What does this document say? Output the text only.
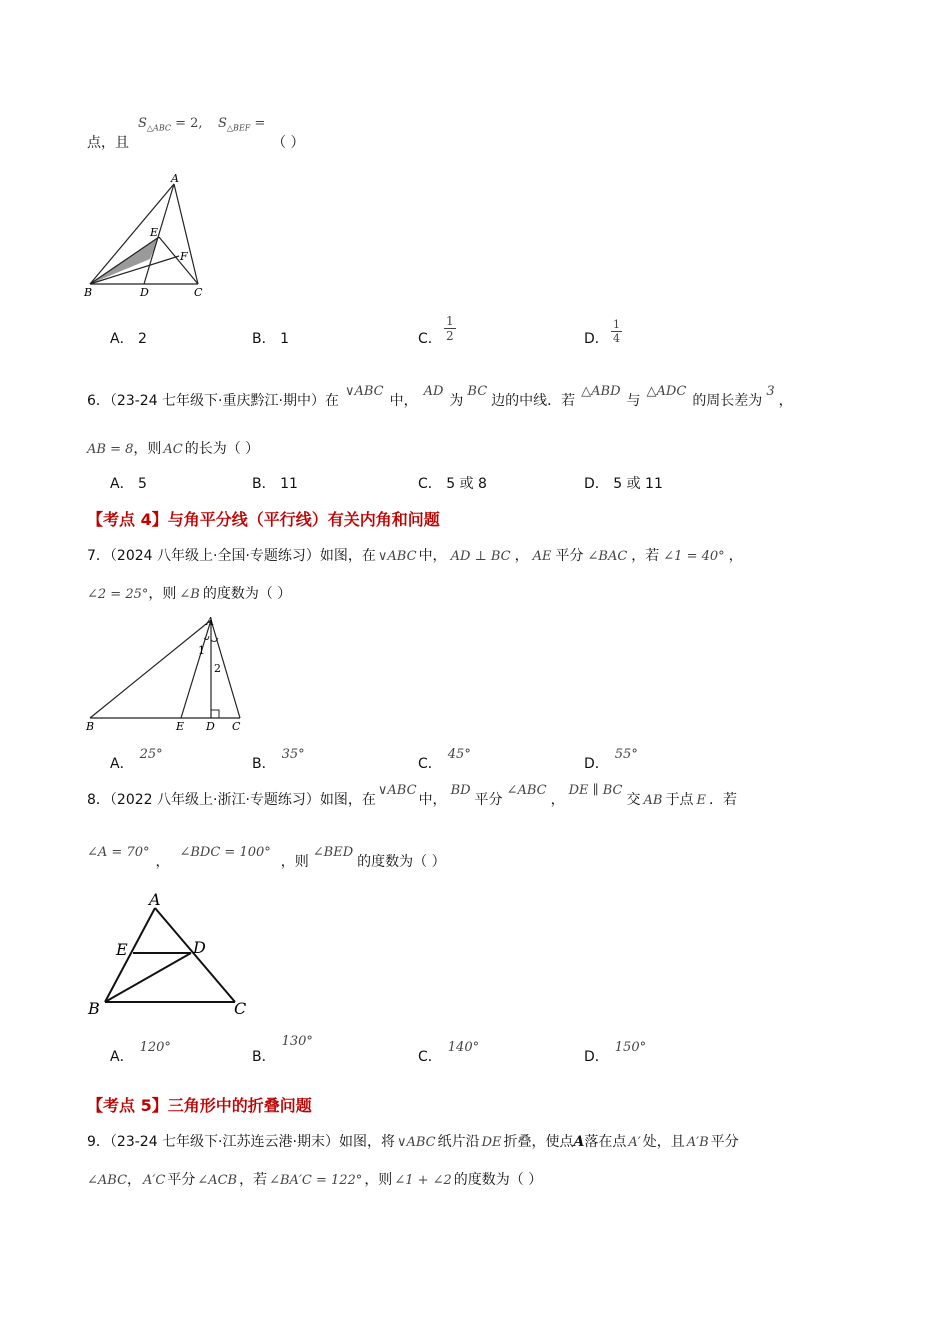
点，且
$S_{\triangle ABC} = 2$, $S_{\triangle BEF}$ =
（ ）
A
B	D	C
E
F
A． 2	B． 1	C．
1
2	D．
1
4
6．（23-24 七年级下·重庆黔江·期中）在∨ABC中，AD为BC边的中线．若△ABD与△ADC的周长差为3，
AB = 8，则 AC 的长为（ ）
A． 5	B． 11	C． 5 或 8	D． 5 或 11
【考点 4】与角平分线（平行线）有关内角和问题
7．（2024 八年级上·全国·专题练习）如图，在 ∨ABC 中， AD ⊥ BC ， AE 平分 ∠BAC ，若 ∠1 = 40° ，
∠2 = 25°，则 ∠B 的度数为（ ）
A
B	E D C
1
2
A．25°
B．35°
C．45°
D．55°
8．（2022 八年级上·浙江·专题练习）如图，在∨ABC中，BD平分∠ABC，DE ∥ BC交 AB 于点 E ．若
∠A = 70°，∠BDC = 100°，则∠BED的度数为（ ）
A
E	D
B	C
A．120°
B．130°
C．140°
D．150°
【考点 5】三角形中的折叠问题
9．（23-24 七年级下·江苏连云港·期末）如图，将 ∨ABC 纸片沿 DE 折叠，使点A落在点 A′ 处，且 A′B 平分
∠ABC， A′C 平分 ∠ACB ，若 ∠BA′C = 122° ，则 ∠1 + ∠2 的度数为（ ）
